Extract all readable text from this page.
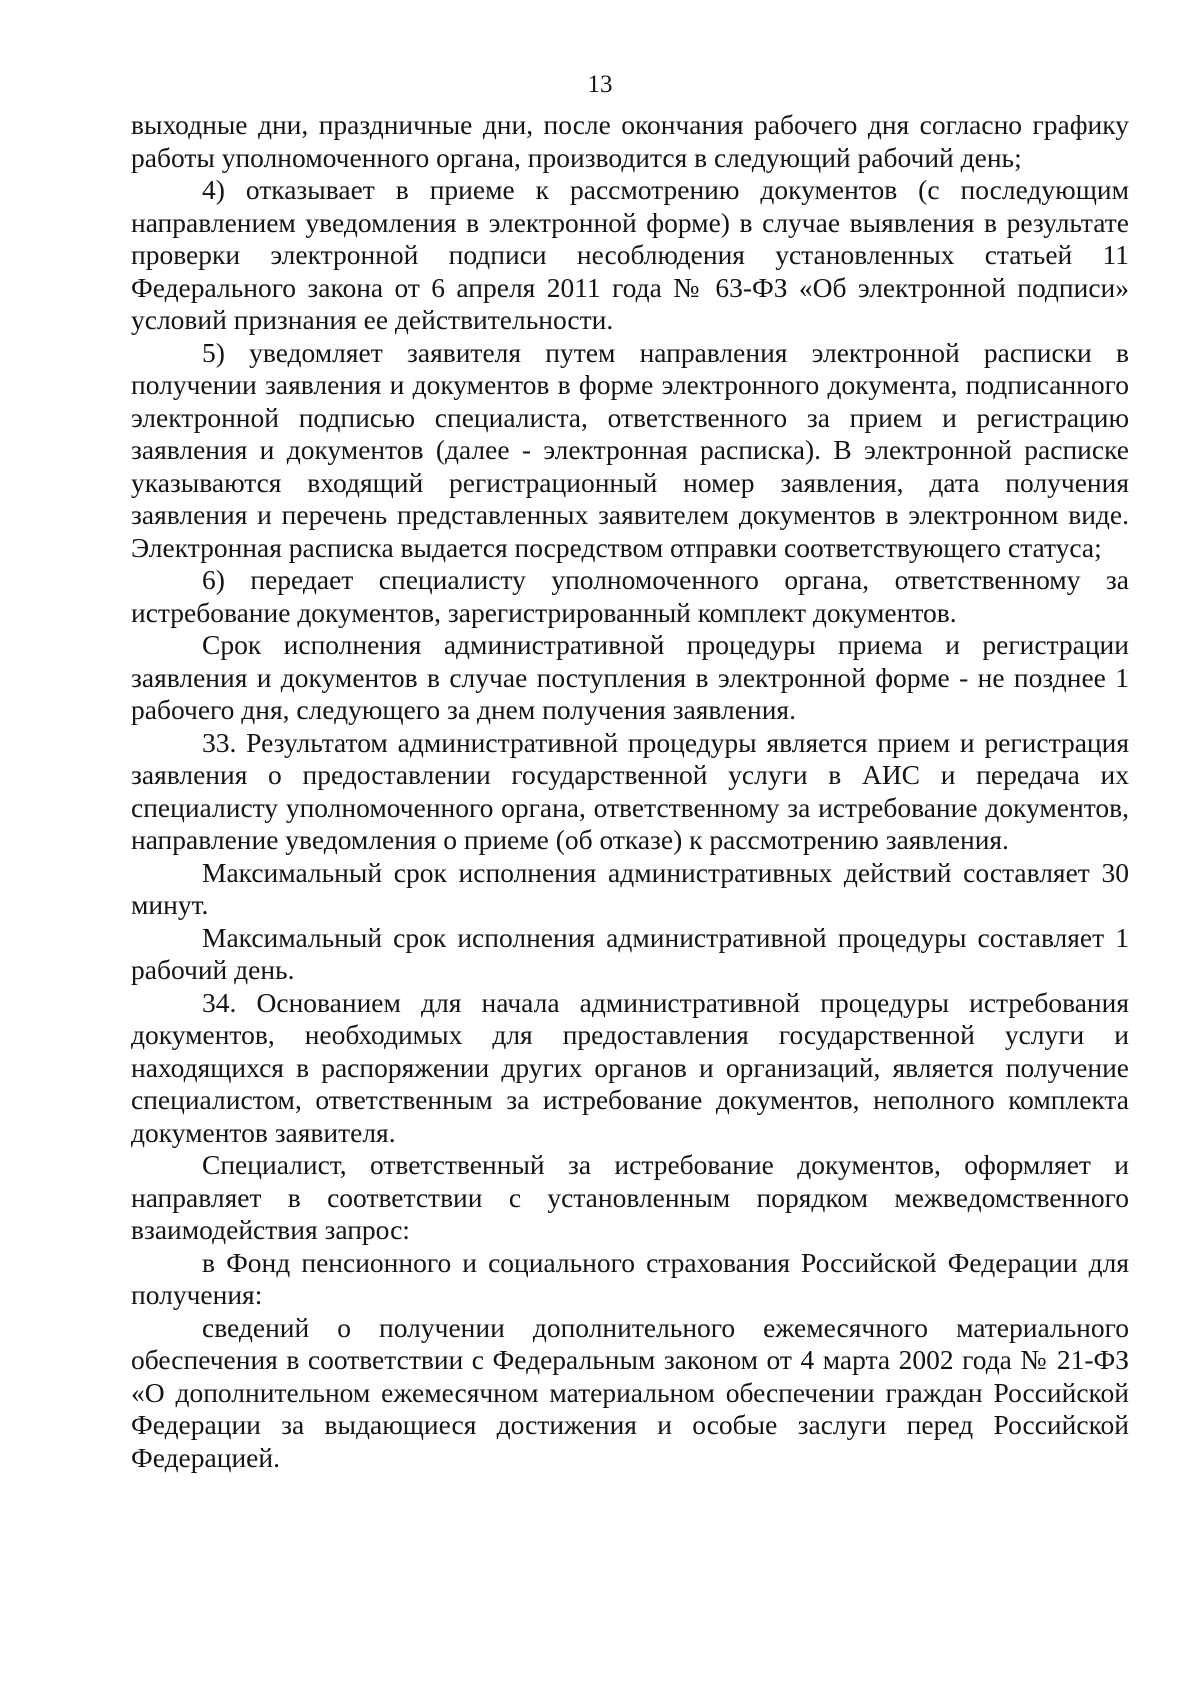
13

выходные дни, праздничные дни, после окончания рабочего дня согласно графику работы уполномоченного органа, производится в следующий рабочий день;

4) отказывает в приеме к рассмотрению документов (с последующим направлением уведомления в электронной форме) в случае выявления в результате проверки электронной подписи несоблюдения установленных статьей 11 Федерального закона от 6 апреля 2011 года № 63-ФЗ «Об электронной подписи» условий признания ее действительности.

5) уведомляет заявителя путем направления электронной расписки в получении заявления и документов в форме электронного документа, подписанного электронной подписью специалиста, ответственного за прием и регистрацию заявления и документов (далее - электронная расписка). В электронной расписке указываются входящий регистрационный номер заявления, дата получения заявления и перечень представленных заявителем документов в электронном виде. Электронная расписка выдается посредством отправки соответствующего статуса;

6) передает специалисту уполномоченного органа, ответственному за истребование документов, зарегистрированный комплект документов.

Срок исполнения административной процедуры приема и регистрации заявления и документов в случае поступления в электронной форме - не позднее 1 рабочего дня, следующего за днем получения заявления.

33. Результатом административной процедуры является прием и регистрация заявления о предоставлении государственной услуги в АИС и передача их специалисту уполномоченного органа, ответственному за истребование документов, направление уведомления о приеме (об отказе) к рассмотрению заявления.

Максимальный срок исполнения административных действий составляет 30 минут.

Максимальный срок исполнения административной процедуры составляет 1 рабочий день.

34. Основанием для начала административной процедуры истребования документов, необходимых для предоставления государственной услуги и находящихся в распоряжении других органов и организаций, является получение специалистом, ответственным за истребование документов, неполного комплекта документов заявителя.

Специалист, ответственный за истребование документов, оформляет и направляет в соответствии с установленным порядком межведомственного взаимодействия запрос:

в Фонд пенсионного и социального страхования Российской Федерации для получения:

сведений о получении дополнительного ежемесячного материального обеспечения в соответствии с Федеральным законом от 4 марта 2002 года № 21-ФЗ «О дополнительном ежемесячном материальном обеспечении граждан Российской Федерации за выдающиеся достижения и особые заслуги перед Российской Федерацией.
